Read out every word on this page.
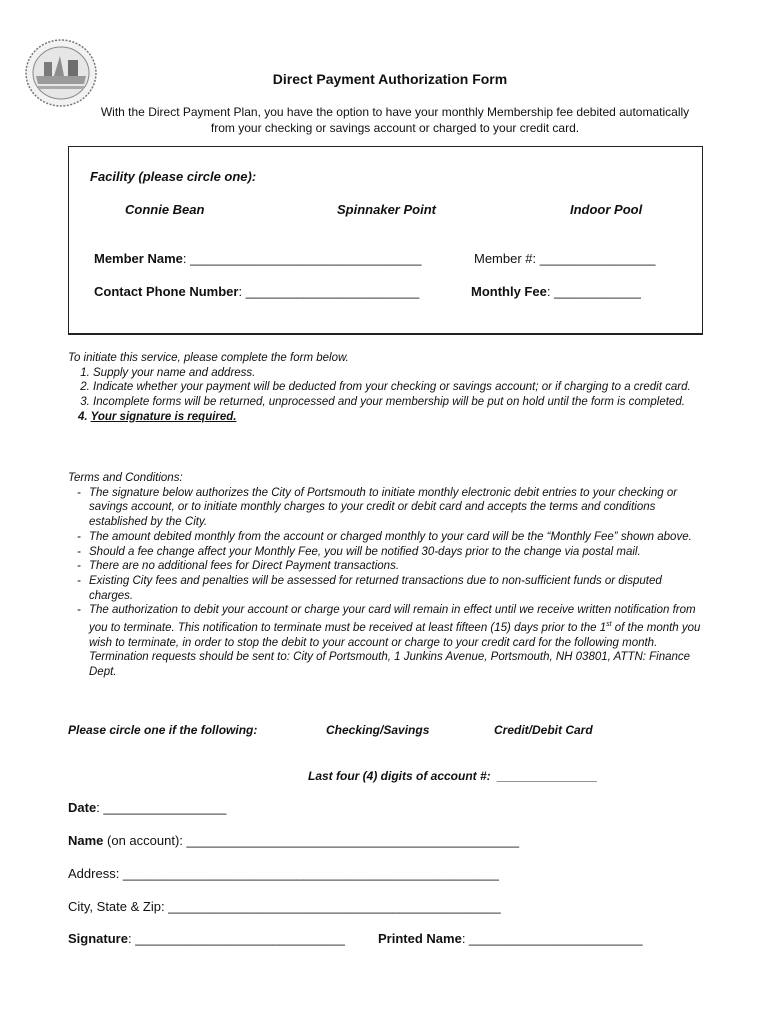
Direct Payment Authorization Form
With the Direct Payment Plan, you have the option to have your monthly Membership fee debited automatically from your checking or savings account or charged to your credit card.
Facility (please circle one):
Connie Bean	Spinnaker Point	Indoor Pool
Member Name: ________________________________	Member #: ________________
Contact Phone Number: ________________________	Monthly Fee: ____________
To initiate this service, please complete the form below.
1. Supply your name and address.
2. Indicate whether your payment will be deducted from your checking or savings account; or if charging to a credit card.
3. Incomplete forms will be returned, unprocessed and your membership will be put on hold until the form is completed.
4. Your signature is required.
Terms and Conditions:
- The signature below authorizes the City of Portsmouth to initiate monthly electronic debit entries to your checking or savings account, or to initiate monthly charges to your credit or debit card and accepts the terms and conditions established by the City.
- The amount debited monthly from the account or charged monthly to your card will be the “Monthly Fee” shown above.
- Should a fee change affect your Monthly Fee, you will be notified 30-days prior to the change via postal mail.
- There are no additional fees for Direct Payment transactions.
- Existing City fees and penalties will be assessed for returned transactions due to non-sufficient funds or disputed charges.
- The authorization to debit your account or charge your card will remain in effect until we receive written notification from you to terminate. This notification to terminate must be received at least fifteen (15) days prior to the 1st of the month you wish to terminate, in order to stop the debit to your account or charge to your credit card for the following month. Termination requests should be sent to: City of Portsmouth, 1 Junkins Avenue, Portsmouth, NH 03801, ATTN: Finance Dept.
Please circle one if the following:	Checking/Savings	Credit/Debit Card
Last four (4) digits of account #:  _______________
Date: _________________
Name (on account): ______________________________________________
Address: ____________________________________________________
City, State & Zip: ______________________________________________
Signature: _____________________________	Printed Name: ________________________
